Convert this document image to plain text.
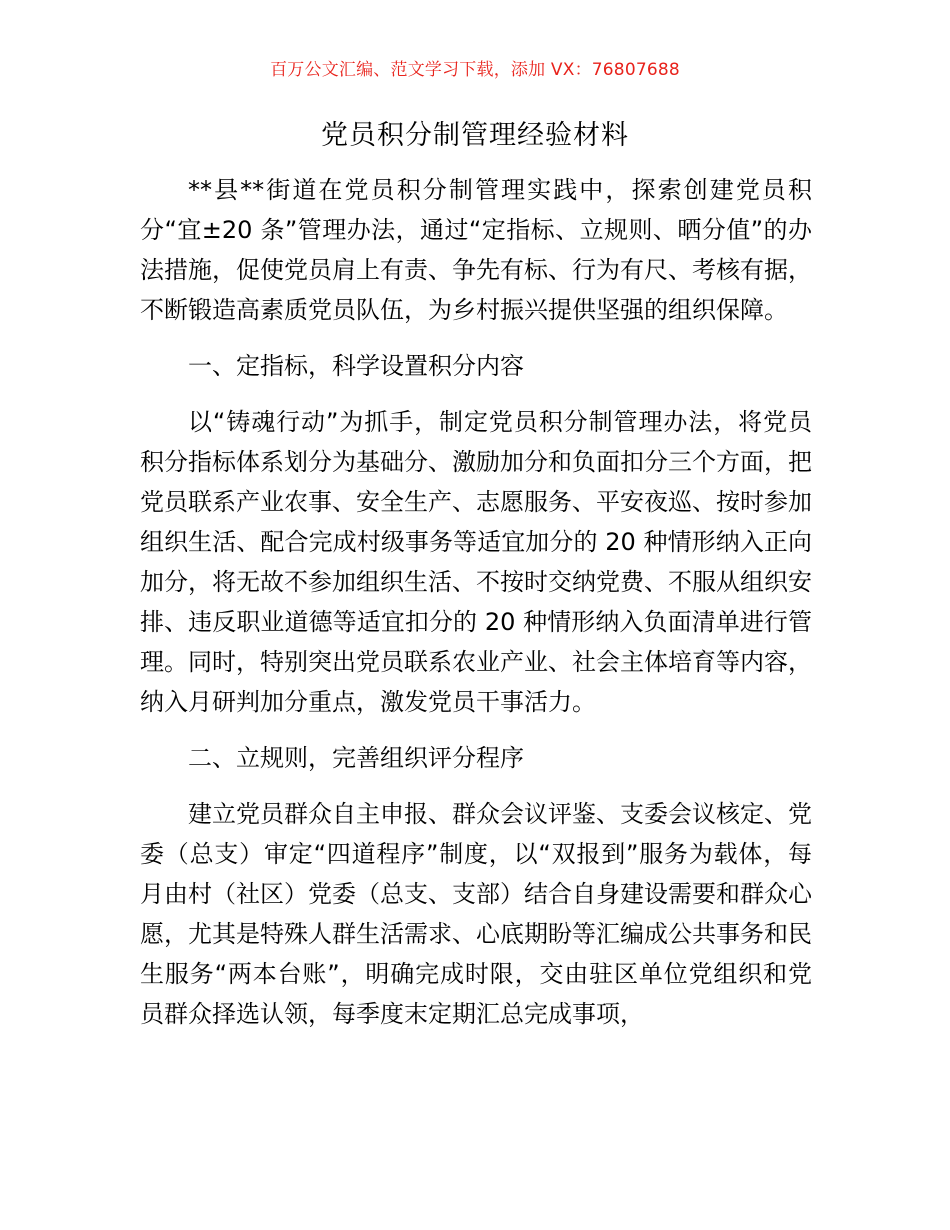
百万公文汇编、范文学习下载，添加 VX：76807688
党员积分制管理经验材料

**县**街道在党员积分制管理实践中，探索创建党员积分“宜±20 条”管理办法，通过“定指标、立规则、晒分值”的办法措施，促使党员肩上有责、争先有标、行为有尺、考核有据，不断锻造高素质党员队伍，为乡村振兴提供坚强的组织保障。

一、定指标，科学设置积分内容

以“铸魂行动”为抓手，制定党员积分制管理办法，将党员积分指标体系划分为基础分、激励加分和负面扣分三个方面，把党员联系产业农事、安全生产、志愿服务、平安夜巡、按时参加组织生活、配合完成村级事务等适宜加分的 20 种情形纳入正向加分，将无故不参加组织生活、不按时交纳党费、不服从组织安排、违反职业道德等适宜扣分的 20 种情形纳入负面清单进行管理。同时，特别突出党员联系农业产业、社会主体培育等内容，纳入月研判加分重点，激发党员干事活力。

二、立规则，完善组织评分程序

建立党员群众自主申报、群众会议评鉴、支委会议核定、党委（总支）审定“四道程序”制度，以“双报到”服务为载体，每月由村（社区）党委（总支、支部）结合自身建设需要和群众心愿，尤其是特殊人群生活需求、心底期盼等汇编成公共事务和民生服务“两本台账”，明确完成时限，交由驻区单位党组织和党员群众择选认领，每季度末定期汇总完成事项，
